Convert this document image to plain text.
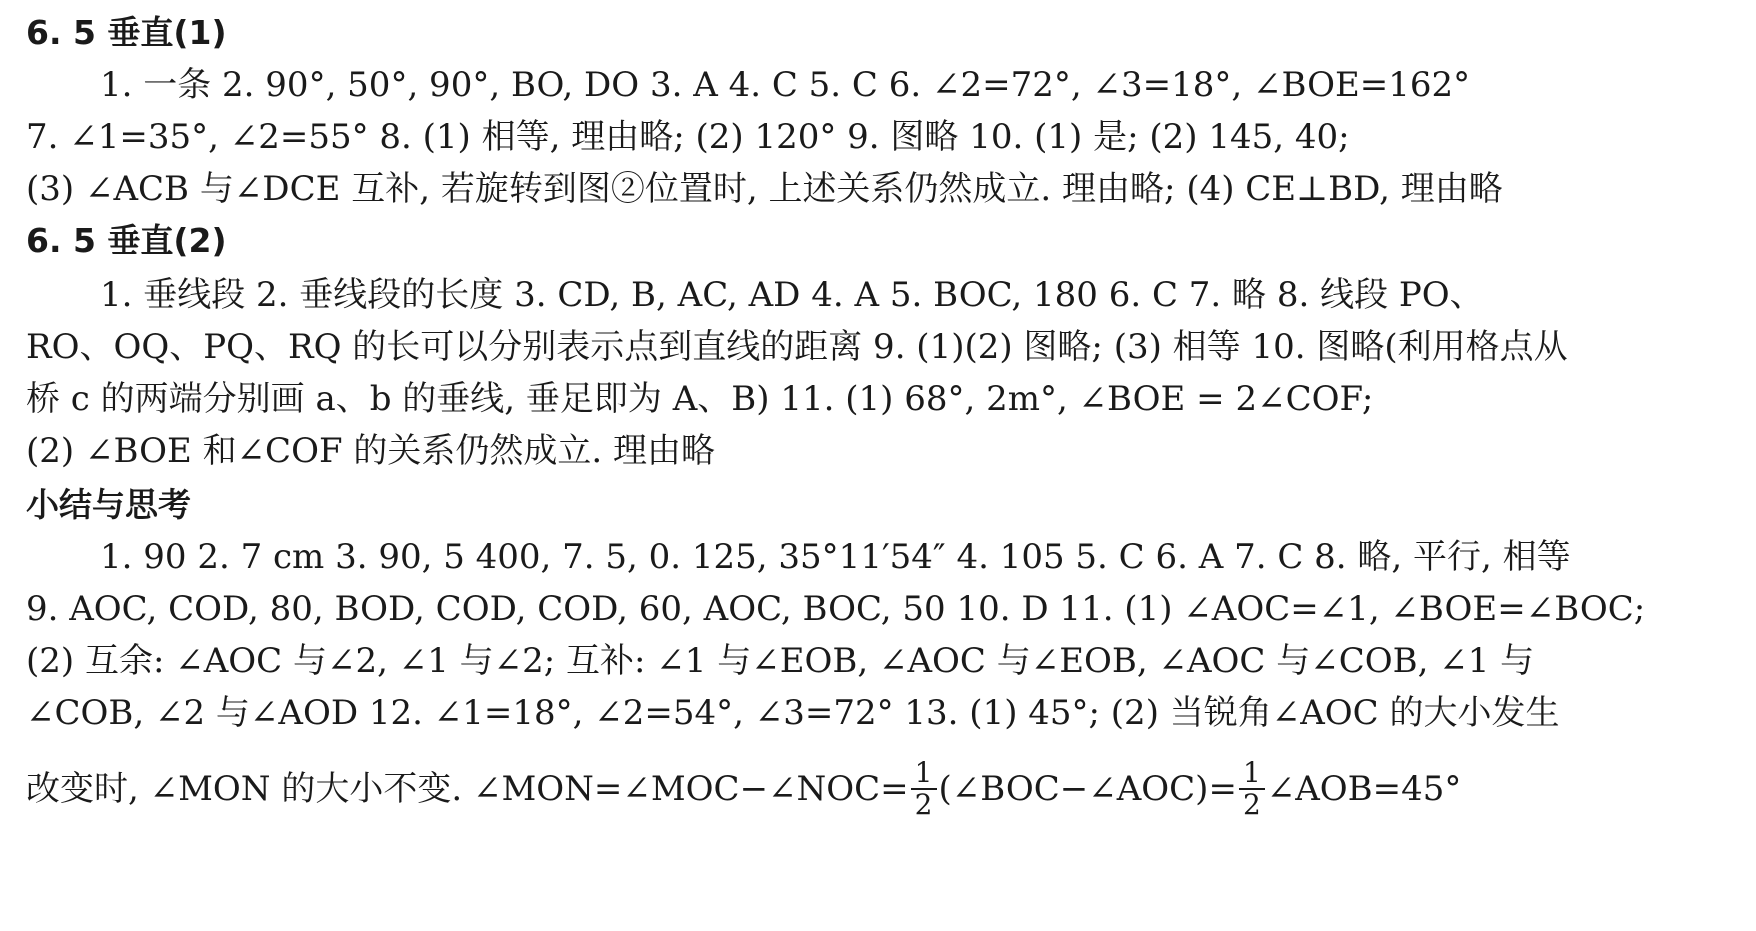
6. 5 垂直(1)
1. 一条 2. 90°, 50°, 90°, BO, DO 3. A 4. C 5. C 6. ∠2=72°, ∠3=18°, ∠BOE=162°
7. ∠1=35°, ∠2=55° 8. (1) 相等, 理由略; (2) 120° 9. 图略 10. (1) 是; (2) 145, 40;
(3) ∠ACB 与∠DCE 互补, 若旋转到图②位置时, 上述关系仍然成立. 理由略; (4) CE⊥BD, 理由略
6. 5 垂直(2)
1. 垂线段 2. 垂线段的长度 3. CD, B, AC, AD 4. A 5. BOC, 180 6. C 7. 略 8. 线段 PO、
RO、OQ、PQ、RQ 的长可以分别表示点到直线的距离 9. (1)(2) 图略; (3) 相等 10. 图略(利用格点从
桥 c 的两端分别画 a、b 的垂线, 垂足即为 A、B) 11. (1) 68°, 2m°, ∠BOE = 2∠COF;
(2) ∠BOE 和∠COF 的关系仍然成立. 理由略
小结与思考
1. 90 2. 7 cm 3. 90, 5 400, 7. 5, 0. 125, 35°11′54″ 4. 105 5. C 6. A 7. C 8. 略, 平行, 相等
9. AOC, COD, 80, BOD, COD, COD, 60, AOC, BOC, 50 10. D 11. (1) ∠AOC=∠1, ∠BOE=∠BOC;
(2) 互余: ∠AOC 与∠2, ∠1 与∠2; 互补: ∠1 与∠EOB, ∠AOC 与∠EOB, ∠AOC 与∠COB, ∠1 与
∠COB, ∠2 与∠AOD 12. ∠1=18°, ∠2=54°, ∠3=72° 13. (1) 45°; (2) 当锐角∠AOC 的大小发生
改变时, ∠MON 的大小不变. ∠MON=∠MOC−∠NOC= $\frac{1}{2}$ (∠BOC−∠AOC)= $\frac{1}{2}$ ∠AOB=45°
